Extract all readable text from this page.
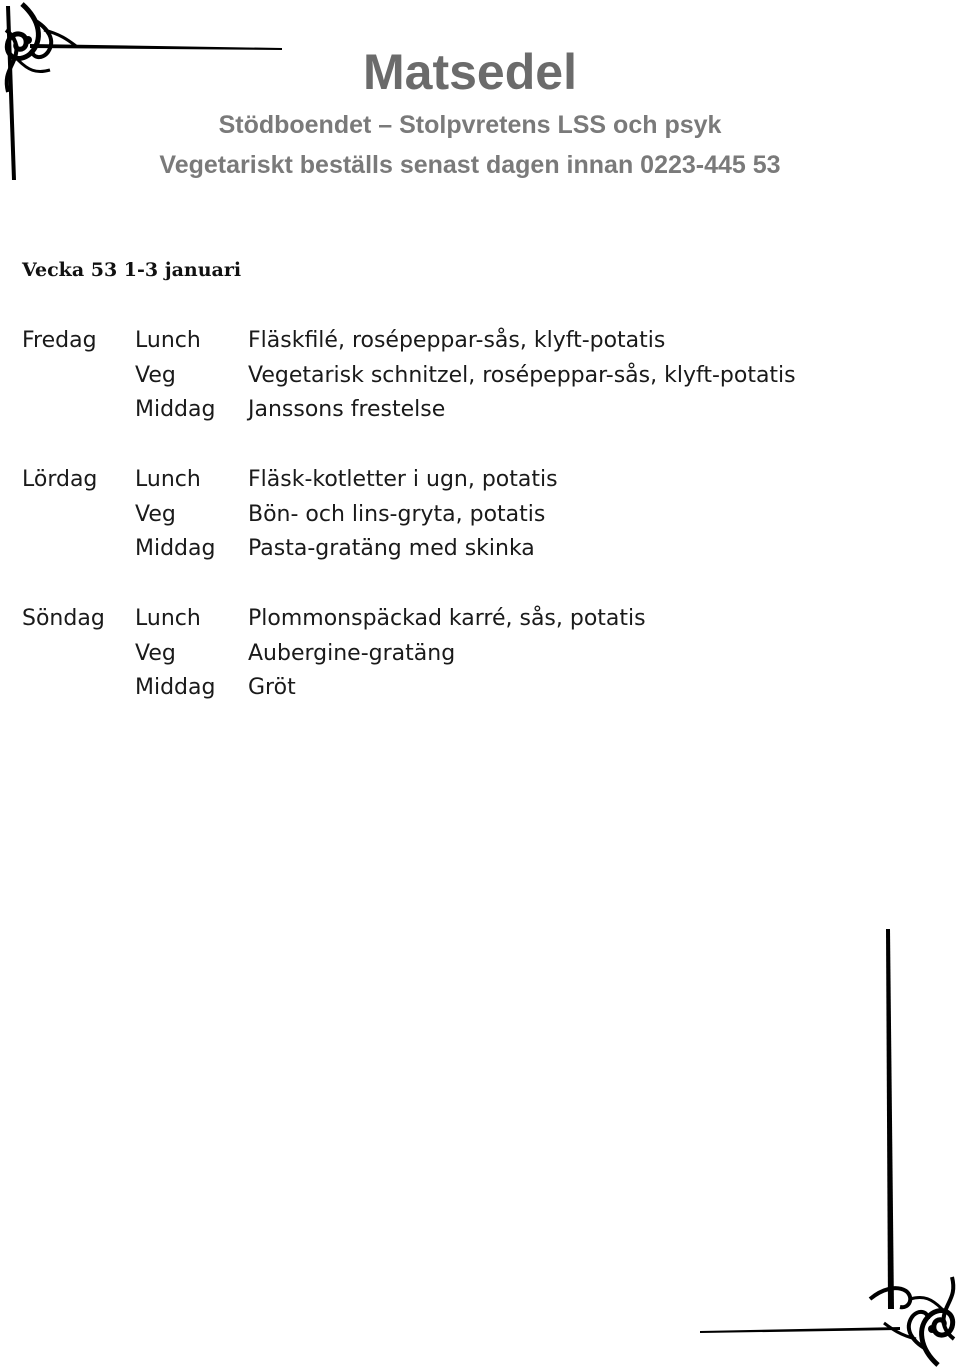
Matsedel
Stödboendet – Stolpvretens LSS och psyk
Vegetariskt beställs senast dagen innan 0223-445 53
Vecka 53 1-3 januari
Fredag	Lunch	Fläskfilé, rosépeppar-sås, klyft-potatis
Veg	Vegetarisk schnitzel, rosépeppar-sås, klyft-potatis
Middag	Janssons frestelse
Lördag	Lunch	Fläsk-kotletter i ugn, potatis
Veg	Bön- och lins-gryta, potatis
Middag	Pasta-gratäng med skinka
Söndag	Lunch	Plommonspäckad karré, sås, potatis
Veg	Aubergine-gratäng
Middag	Gröt
